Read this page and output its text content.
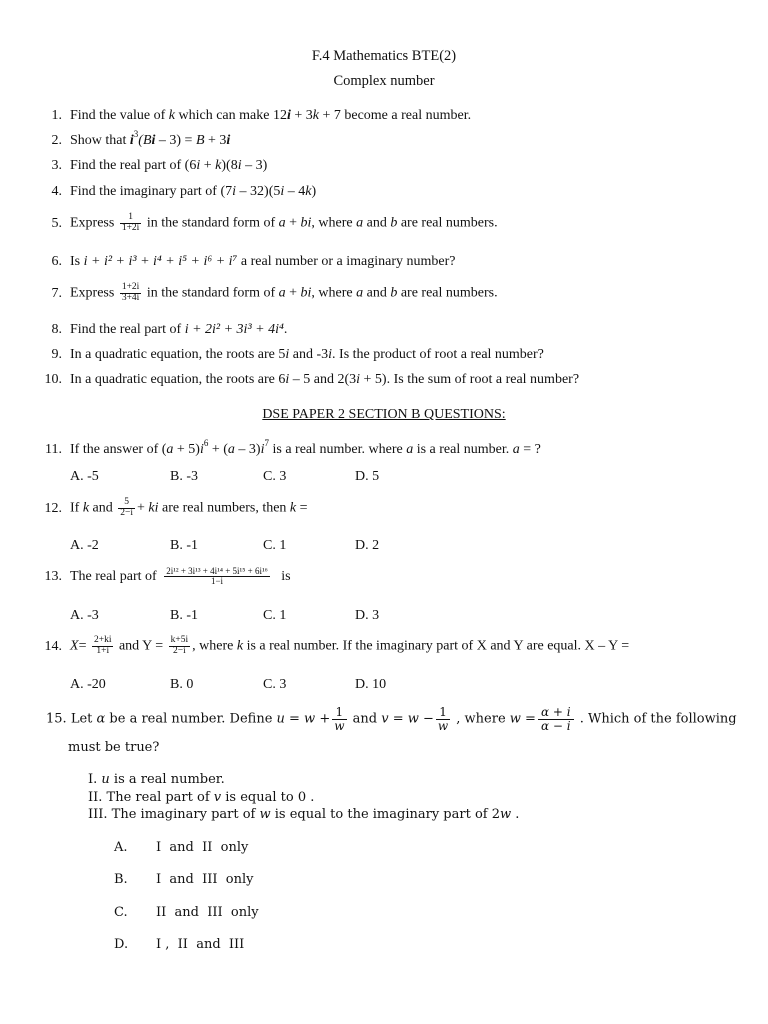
F.4 Mathematics BTE(2)
Complex number
1. Find the value of k which can make 12i + 3k + 7 become a real number.
2. Show that $i^3(Bi - 3) = B + 3i$
3. Find the real part of (6i + k)(8i – 3)
4. Find the imaginary part of (7i – 32)(5i – 4k)
5. Express $\frac{1}{1+2i}$ in the standard form of a + bi, where a and b are real numbers.
6. Is i + i² + i³ + i⁴ + i⁵ + i⁶ + i⁷ a real number or a imaginary number?
7. Express $\frac{1+2i}{3+4i}$ in the standard form of a + bi, where a and b are real numbers.
8. Find the real part of i + 2i² + 3i³ + 4i⁴.
9. In a quadratic equation, the roots are 5i and -3i. Is the product of root a real number?
10. In a quadratic equation, the roots are 6i – 5 and 2(3i + 5). Is the sum of root a real number?
DSE PAPER 2 SECTION B QUESTIONS:
11. If the answer of $(a + 5)i^6 + (a - 3)i^7$ is a real number. where a is a real number. a = ?
A. -5	B. -3	C. 3	D. 5
12. If k and $\frac{5}{2-i}$ + ki are real numbers, then k =
A. -2	B. -1	C. 1	D. 2
13. The real part of $\frac{\text{2i¹² + 3i¹³ + 4i¹⁴ + 5i¹⁵ + 6i¹⁶}}{1-i}$ is
A. -3	B. -1	C. 1	D. 3
14. $X= \frac{2+ki}{1+i}$ and $Y = \frac{k+5i}{2-i}$ , where k is a real number. If the imaginary part of X and Y are equal. X – Y =
A. -20	B. 0	C. 3	D. 10
15. Let α be a real number. Define $u = w + \frac{1}{w}$ and $v = w - \frac{1}{w}$ , where $w = \frac{\alpha + i}{\alpha - i}$ . Which of the following
must be true?
I. u is a real number.
II. The real part of v is equal to 0 .
III. The imaginary part of w is equal to the imaginary part of 2w .
A. I  and  II  only
B. I  and  III  only
C. II  and  III  only
D. I ,  II  and  III
